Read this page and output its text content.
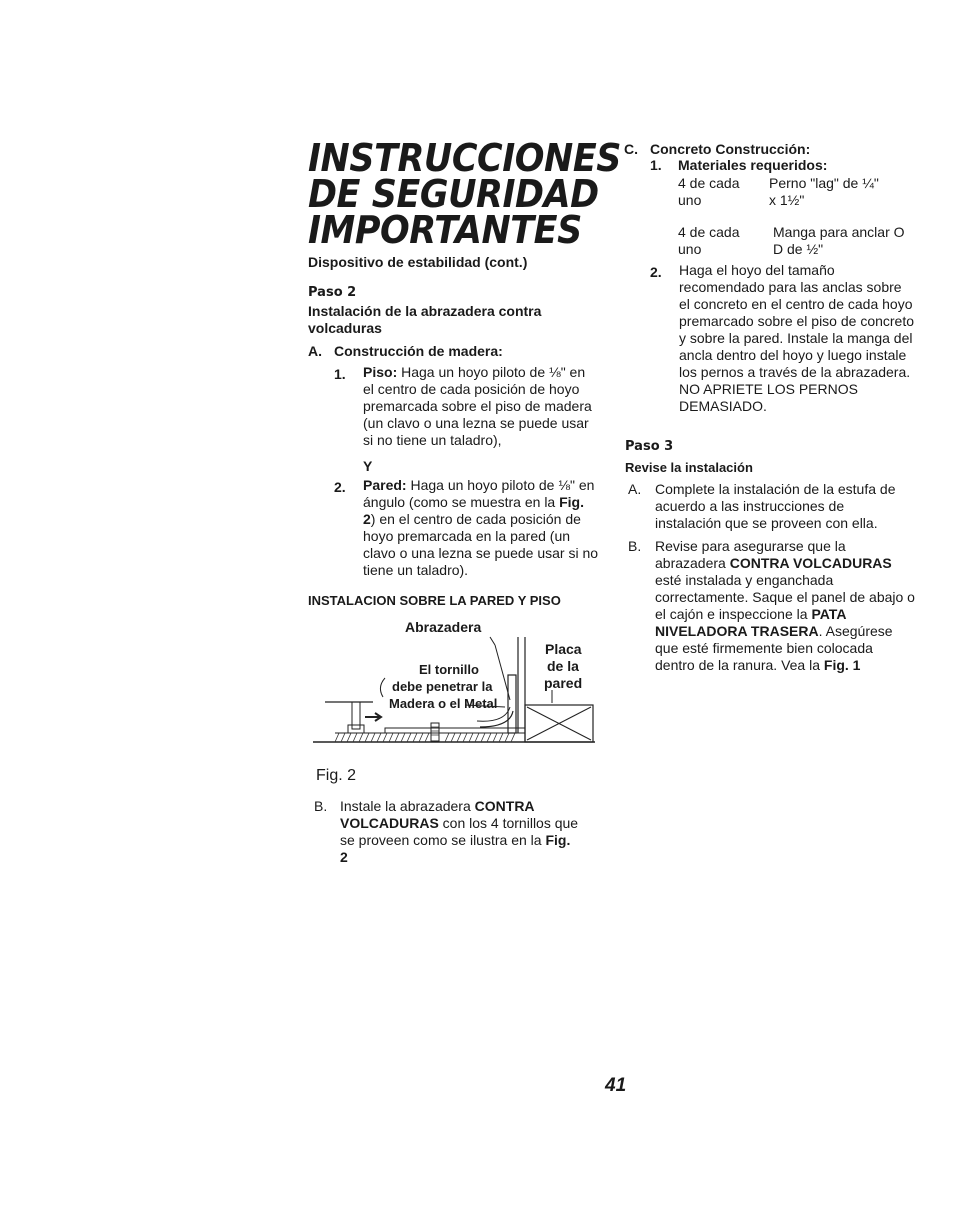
INSTRUCCIONES
DE SEGURIDAD
IMPORTANTES
Dispositivo de estabilidad (cont.)
Paso 2
Instalación de la abrazadera contra volcaduras
A. Construcción de madera:
1. Piso: Haga un hoyo piloto de ⅛" en el centro de cada posición de hoyo premarcada sobre el piso de madera (un clavo o una lezna se puede usar si no tiene un taladro),
Y
2. Pared: Haga un hoyo piloto de ⅛" en ángulo (como se muestra en la Fig. 2) en el centro de cada posición de hoyo premarcada en la pared (un clavo o una lezna se puede usar si no tiene un taladro).
INSTALACION SOBRE LA PARED Y PISO
Abrazadera
El tornillo
debe penetrar la
Madera o el Metal
Placa
de la
pared
Fig. 2
B. Instale la abrazadera CONTRA VOLCADURAS con los 4 tornillos que se proveen como se ilustra en la Fig. 2
C. Concreto Construcción:
1. Materiales requeridos:
4 de cada uno
Perno "lag" de ¼" x 1½"
4 de cada uno
Manga para anclar O D de ½"
2. Haga el hoyo del tamaño recomendado para las anclas sobre el concreto en el centro de cada hoyo premarcado sobre el piso de concreto y sobre la pared. Instale la manga del ancla dentro del hoyo y luego instale los pernos a través de la abrazadera. NO APRIETE LOS PERNOS DEMASIADO.
Paso 3
Revise la instalación
A. Complete la instalación de la estufa de acuerdo a las instrucciones de instalación que se proveen con ella.
B. Revise para asegurarse que la abrazadera CONTRA VOLCADURAS esté instalada y enganchada correctamente. Saque el panel de abajo o el cajón e inspeccione la PATA NIVELADORA TRASERA. Asegúrese que esté firmemente bien colocada dentro de la ranura. Vea la Fig. 1
41
